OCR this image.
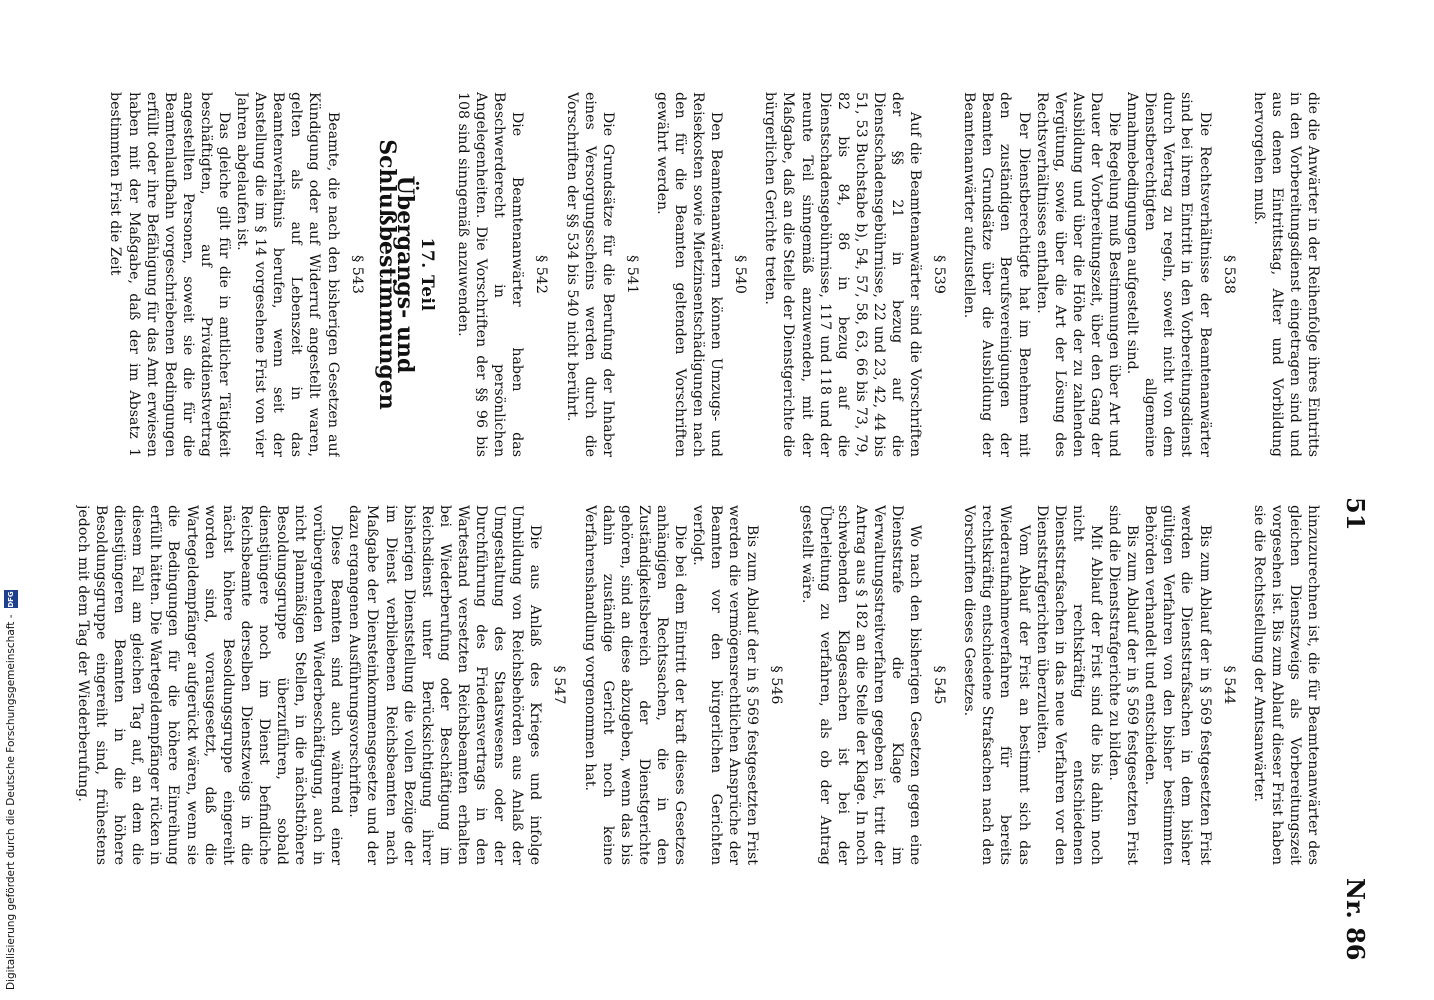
51
Nr. 86

die die Anwärter in der Reihenfolge ihres Eintritts in den Vorbereitungsdienst eingetragen sind und aus denen Eintrittstag, Alter und Vorbildung hervorgehen muß.

§ 538

Die Rechtsverhältnisse der Beamtenanwärter sind bei ihrem Eintritt in den Vorbereitungsdienst durch Vertrag zu regeln, soweit nicht von dem Dienstberechtigten allgemeine Annahmebedingungen aufgestellt sind.

Die Regelung muß Bestimmungen über Art und Dauer der Vorbereitungszeit, über den Gang der Ausbildung und über die Höhe der zu zahlenden Vergütung, sowie über die Art der Lösung des Rechtsverhältnisses enthalten.

Der Dienstberechtigte hat im Benehmen mit den zuständigen Berufsvereinigungen der Beamten Grundsätze über die Ausbildung der Beamtenanwärter aufzustellen.

§ 539

Auf die Beamtenanwärter sind die Vorschriften der §§ 21 in bezug auf die Dienstschadensgebührnisse, 22 und 23, 42, 44 bis 51, 53 Buchstabe b), 54, 57, 58, 63, 66 bis 73, 79, 82 bis 84, 86 in bezug auf die Dienstschadensgebührnisse, 117 und 118 und der neunte Teil sinngemäß anzuwenden, mit der Maßgabe, daß an die Stelle der Dienstgerichte die bürgerlichen Gerichte treten.

§ 540

Den Beamtenanwärtern können Umzugs- und Reisekosten sowie Mietzinsentschädigungen nach den für die Beamten geltenden Vorschriften gewährt werden.

§ 541

Die Grundsätze für die Berufung der Inhaber eines Versorgungsscheins werden durch die Vorschriften der §§ 534 bis 540 nicht berührt.

§ 542

Die Beamtenanwärter haben das Beschwerderecht in persönlichen Angelegenheiten. Die Vorschriften der §§ 96 bis 108 sind sinngemäß anzuwenden.

17. Teil
Übergangs- und Schlußbestimmungen
§ 543

Beamte, die nach den bisherigen Gesetzen auf Kündigung oder auf Widerruf angestellt waren, gelten als auf Lebenszeit in das Beamtenverhältnis berufen, wenn seit der Anstellung die im § 14 vorgesehene Frist von vier Jahren abgelaufen ist.

Das gleiche gilt für die in amtlicher Tätigkeit beschäftigten, auf Privatdienstvertrag angestellten Personen, soweit sie die für die Beamtenlaufbahn vorgeschriebenen Bedingungen erfüllt oder ihre Befähigung für das Amt erwiesen haben mit der Maßgabe, daß der im Absatz 1 bestimmten Frist die Zeit

hinzuzurechnen ist, die für Beamtenanwärter des gleichen Dienstzweigs als Vorbereitungszeit vorgesehen ist. Bis zum Ablauf dieser Frist haben sie die Rechtsstellung der Amtsanwärter.

§ 544

Bis zum Ablauf der in § 569 festgesetzten Frist werden die Dienststrafsachen in dem bisher gültigen Verfahren von den bisher bestimmten Behörden verhandelt und entschieden.

Bis zum Ablauf der in § 569 festgesetzten Frist sind die Dienststrafgerichte zu bilden.

Mit Ablauf der Frist sind die bis dahin noch nicht rechtskräftig entschiedenen Dienststrafsachen in das neue Verfahren vor den Dienststrafgerichten überzuleiten.

Vom Ablauf der Frist an bestimmt sich das Wiederaufnahmeverfahren für bereits rechtskräftig entschiedene Strafsachen nach den Vorschriften dieses Gesetzes.

§ 545

Wo nach den bisherigen Gesetzen gegen eine Dienststrafe die Klage im Verwaltungsstreitverfahren gegeben ist, tritt der Antrag aus § 182 an die Stelle der Klage. In noch schwebenden Klagesachen ist bei der Überleitung zu verfahren, als ob der Antrag gestellt wäre.

§ 546

Bis zum Ablauf der in § 569 festgesetzten Frist werden die vermögensrechtlichen Ansprüche der Beamten vor den bürgerlichen Gerichten verfolgt.

Die bei dem Eintritt der kraft dieses Gesetzes anhängigen Rechtssachen, die in den Zuständigkeitsbereich der Dienstgerichte gehören, sind an diese abzugeben, wenn das bis dahin zuständige Gericht noch keine Verfahrenshandlung vorgenommen hat.

§ 547

Die aus Anlaß des Krieges und infolge Umbildung von Reichsbehörden aus Anlaß der Umgestaltung des Staatswesens oder der Durchführung des Friedensvertrags in den Wartestand versetzten Reichsbeamten erhalten bei Wiederberufung oder Beschäftigung im Reichsdienst unter Berücksichtigung ihrer bisherigen Dienststellung die vollen Bezüge der im Dienst verbliebenen Reichsbeamten nach Maßgabe der Diensteinkommensgesetze und der dazu ergangenen Ausführungsvorschriften.

Diese Beamten sind auch während einer vorübergehenden Wiederbeschäftigung, auch in nicht planmäßigen Stellen, in die nächsthöhere Besoldungsgruppe überzuführen, sobald dienstjüngere noch im Dienst befindliche Reichsbeamte derselben Dienstzweigs in die nächst höhere Besoldungsgruppe eingereiht worden sind, vorausgesetzt, daß die Wartegeldempfänger aufgerückt wären, wenn sie die Bedingungen für die höhere Einreihung erfüllt hätten. Die Wartegeldempfänger rücken in diesem Fall am gleichen Tag auf, an dem die dienstjüngeren Beamten in die höhere Besoldungsgruppe eingereiht sind, frühestens jedoch mit dem Tag der Wiederberufung.

Digitalisierung gefördert durch die Deutsche Forschungsgemeinschaft -DFG
